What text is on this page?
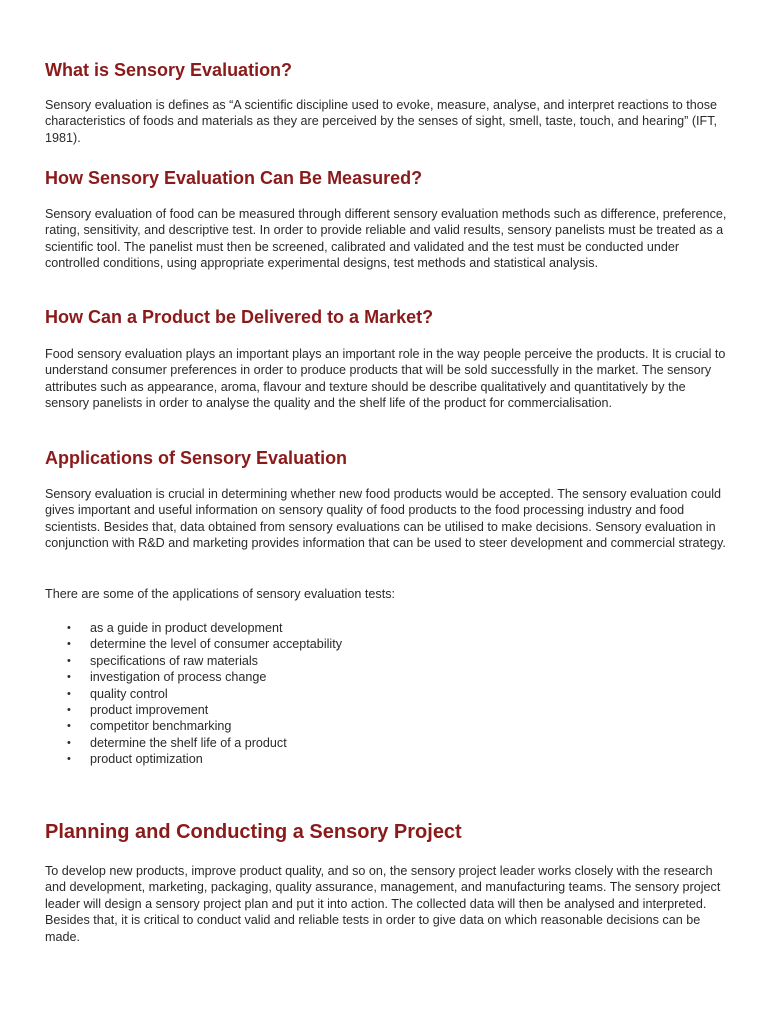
What is Sensory Evaluation?

Sensory evaluation is defines as “A scientific discipline used to evoke, measure, analyse, and interpret reactions to those characteristics of foods and materials as they are perceived by the senses of sight, smell, taste, touch, and hearing” (IFT, 1981).

How Sensory Evaluation Can Be Measured?

Sensory evaluation of food can be measured through different sensory evaluation methods such as difference, preference, rating, sensitivity, and descriptive test. In order to provide reliable and valid results, sensory panelists must be treated as a scientific tool. The panelist must then be screened, calibrated and validated and the test must be conducted under controlled conditions, using appropriate experimental designs, test methods and statistical analysis.

How Can a Product be Delivered to a Market?

Food sensory evaluation plays an important plays an important role in the way people perceive the products. It is crucial to understand consumer preferences in order to produce products that will be sold successfully in the market. The sensory attributes such as appearance, aroma, flavour and texture should be describe qualitatively and quantitatively by the sensory panelists in order to analyse the quality and the shelf life of the product for commercialisation.

Applications of Sensory Evaluation

Sensory evaluation is crucial in determining whether new food products would be accepted. The sensory evaluation could gives important and useful information on sensory quality of food products to the food processing industry and food scientists. Besides that, data obtained from sensory evaluations can be utilised to make decisions. Sensory evaluation in conjunction with R&D and marketing provides information that can be used to steer development and commercial strategy.

There are some of the applications of sensory evaluation tests:

• as a guide in product development
• determine the level of consumer acceptability
• specifications of raw materials
• investigation of process change
• quality control
• product improvement
• competitor benchmarking
• determine the shelf life of a product
• product optimization
Planning and Conducting a Sensory Project

To develop new products, improve product quality, and so on, the sensory project leader works closely with the research and development, marketing, packaging, quality assurance, management, and manufacturing teams. The sensory project leader will design a sensory project plan and put it into action. The collected data will then be analysed and interpreted. Besides that, it is critical to conduct valid and reliable tests in order to give data on which reasonable decisions can be made.
